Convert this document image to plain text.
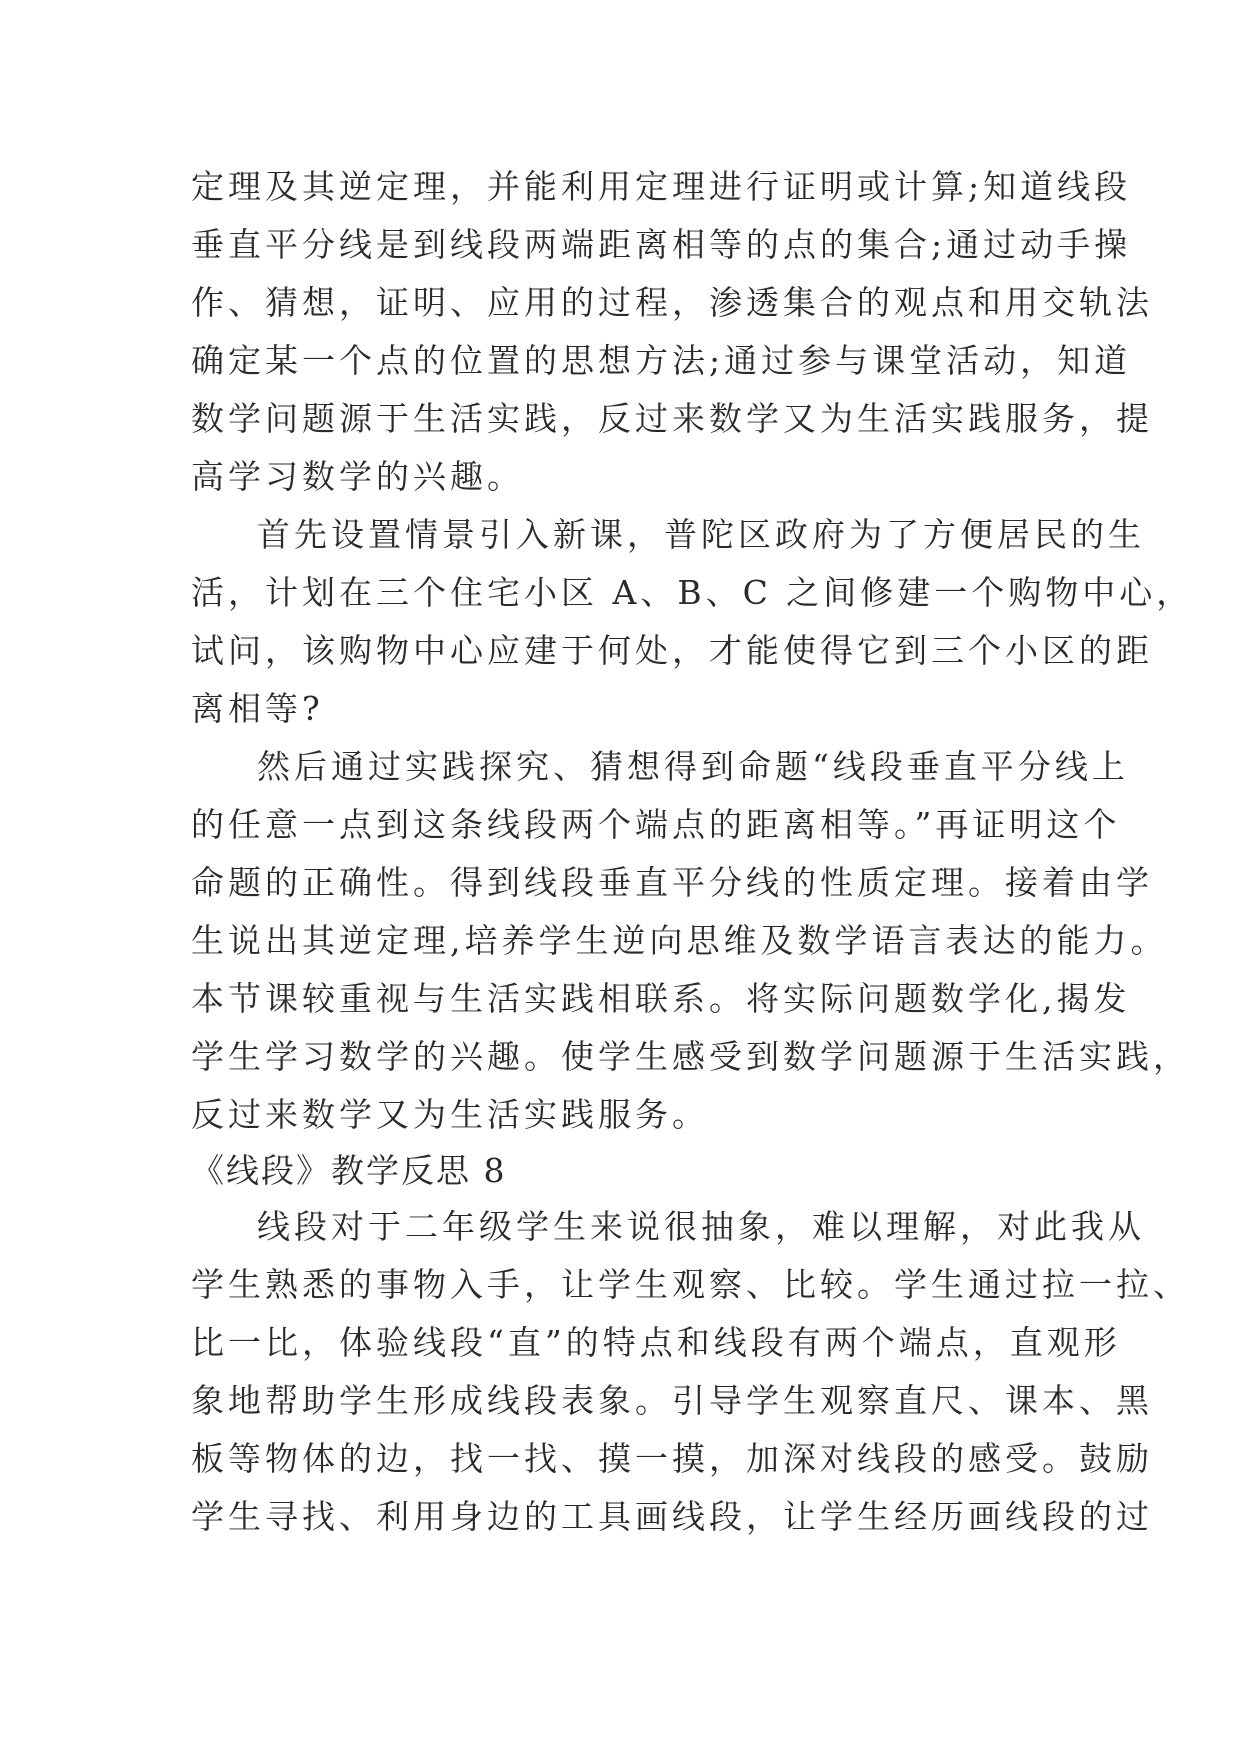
定理及其逆定理，并能利用定理进行证明或计算;知道线段
垂直平分线是到线段两端距离相等的点的集合;通过动手操
作、猜想，证明、应用的过程，渗透集合的观点和用交轨法
确定某一个点的位置的思想方法;通过参与课堂活动，知道
数学问题源于生活实践，反过来数学又为生活实践服务，提
高学习数学的兴趣。
首先设置情景引入新课，普陀区政府为了方便居民的生
活，计划在三个住宅小区 A、B、C 之间修建一个购物中心，
试问，该购物中心应建于何处，才能使得它到三个小区的距
离相等?
然后通过实践探究、猜想得到命题“线段垂直平分线上
的任意一点到这条线段两个端点的距离相等。”再证明这个
命题的正确性。得到线段垂直平分线的性质定理。接着由学
生说出其逆定理,培养学生逆向思维及数学语言表达的能力。
本节课较重视与生活实践相联系。将实际问题数学化,揭发
学生学习数学的兴趣。使学生感受到数学问题源于生活实践，
反过来数学又为生活实践服务。
《线段》教学反思 8
线段对于二年级学生来说很抽象，难以理解，对此我从
学生熟悉的事物入手，让学生观察、比较。学生通过拉一拉、
比一比，体验线段“直”的特点和线段有两个端点，直观形
象地帮助学生形成线段表象。引导学生观察直尺、课本、黑
板等物体的边，找一找、摸一摸，加深对线段的感受。鼓励
学生寻找、利用身边的工具画线段，让学生经历画线段的过
